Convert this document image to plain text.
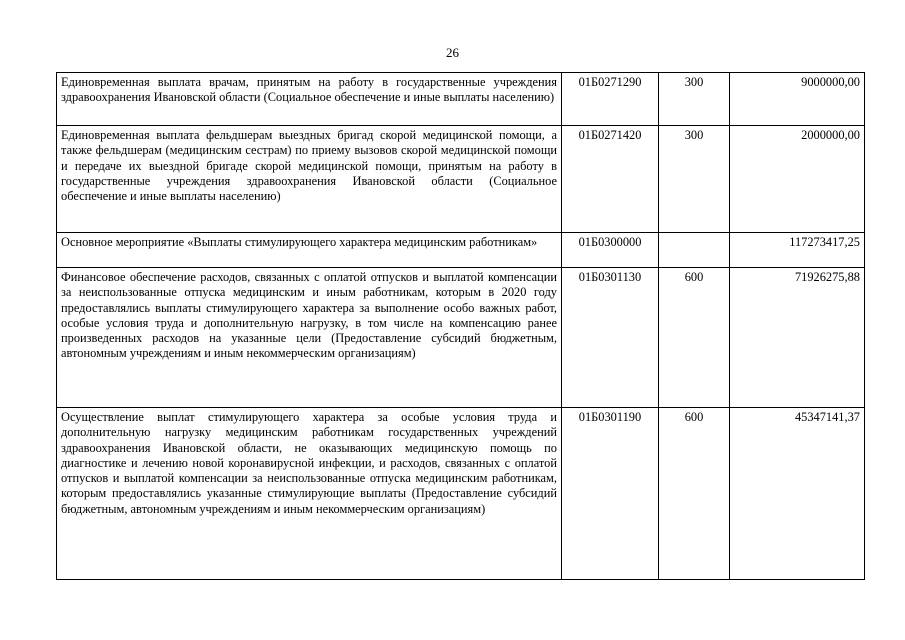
26
Единовременная выплата врачам, принятым на работу в государственные учреждения здравоохранения Ивановской области (Социальное обеспечение и иные выплаты населению)	01Б0271290	300	9000000,00
Единовременная выплата фельдшерам выездных бригад скорой медицинской помощи, а также фельдшерам (медицинским сестрам) по приему вызовов скорой медицинской помощи и передаче их выездной бригаде скорой медицинской помощи, принятым на работу в государственные учреждения здравоохранения Ивановской области (Социальное обеспечение и иные выплаты населению)	01Б0271420	300	2000000,00
Основное мероприятие «Выплаты стимулирующего характера медицинским работникам»	01Б0300000		117273417,25
Финансовое обеспечение расходов, связанных с оплатой отпусков и выплатой компенсации за неиспользованные отпуска медицинским и иным работникам, которым в 2020 году предоставлялись выплаты стимулирующего характера за выполнение особо важных работ, особые условия труда и дополнительную нагрузку, в том числе на компенсацию ранее произведенных расходов на указанные цели (Предоставление субсидий бюджетным, автономным учреждениям и иным некоммерческим организациям)	01Б0301130	600	71926275,88
Осуществление выплат стимулирующего характера за особые условия труда и дополнительную нагрузку медицинским работникам государственных учреждений здравоохранения Ивановской области, не оказывающих медицинскую помощь по диагностике и лечению новой коронавирусной инфекции, и расходов, связанных с оплатой отпусков и выплатой компенсации за неиспользованные отпуска медицинским работникам, которым предоставлялись указанные стимулирующие выплаты (Предоставление субсидий бюджетным, автономным учреждениям и иным некоммерческим организациям)	01Б0301190	600	45347141,37
